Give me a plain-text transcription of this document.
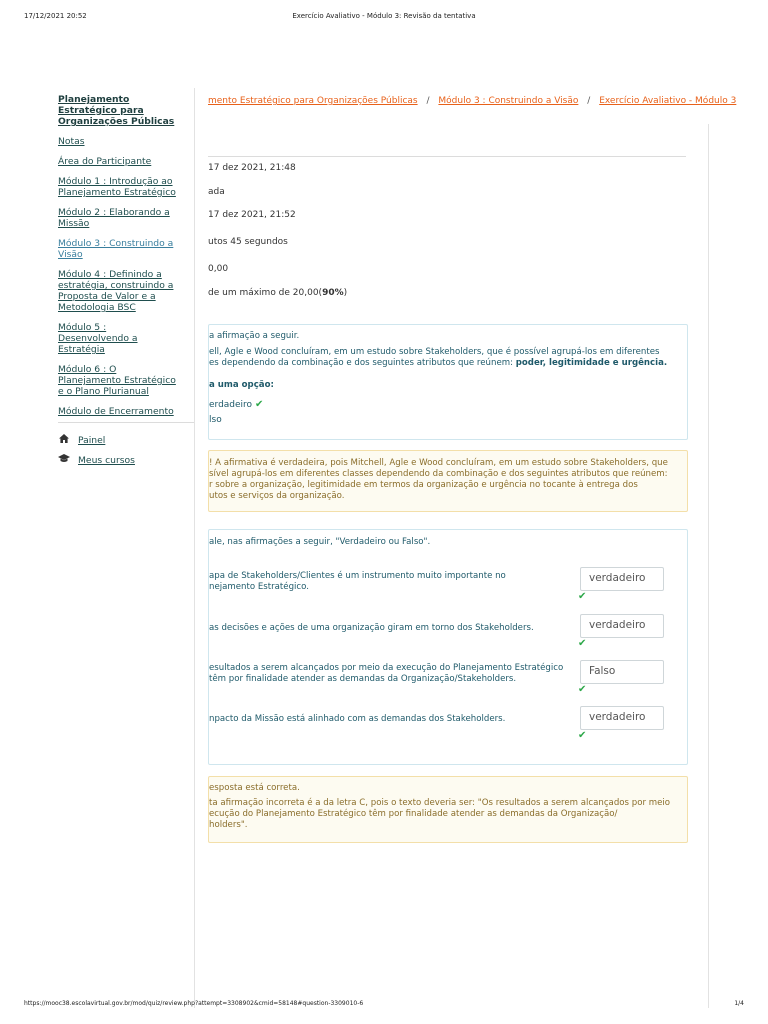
17/12/2021 20:52	Exercício Avaliativo - Módulo 3: Revisão da tentativa
Planejamento Estratégico para Organizações Públicas
Notas
Área do Participante
Módulo 1 : Introdução ao Planejamento Estratégico
Módulo 2 : Elaborando a Missão
Módulo 3 : Construindo a Visão
Módulo 4 : Definindo a estratégia, construindo a Proposta de Valor e a Metodologia BSC
Módulo 5 : Desenvolvendo a Estratégia
Módulo 6 : O Planejamento Estratégico e o Plano Plurianual
Módulo de Encerramento
Painel
Meus cursos
mento Estratégico para Organizações Públicas / Módulo 3 : Construindo a Visão / Exercício Avaliativo - Módulo 3
17 dez 2021, 21:48
ada
17 dez 2021, 21:52
utos 45 segundos
0,00
de um máximo de 20,00(90%)
a afirmação a seguir.
ell, Agle e Wood concluíram, em um estudo sobre Stakeholders, que é possível agrupá-los em diferentes
es dependendo da combinação e dos seguintes atributos que reúnem: poder, legitimidade e urgência.
a uma opção:
erdadeiro ✔
lso
! A afirmativa é verdadeira, pois Mitchell, Agle e Wood concluíram, em um estudo sobre Stakeholders, que
sível agrupá-los em diferentes classes dependendo da combinação e dos seguintes atributos que reúnem:
r sobre a organização, legitimidade em termos da organização e urgência no tocante à entrega dos
utos e serviços da organização.
ale, nas afirmações a seguir, "Verdadeiro ou Falso".
apa de Stakeholders/Clientes é um instrumento muito importante no
nejamento Estratégico.
verdadeiro
✔
as decisões e ações de uma organização giram em torno dos Stakeholders.	verdadeiro
✔
esultados a serem alcançados por meio da execução do Planejamento Estratégico
têm por finalidade atender as demandas da Organização/Stakeholders.
Falso
✔
npacto da Missão está alinhado com as demandas dos Stakeholders.	verdadeiro
✔
esposta está correta.
ta afirmação incorreta é a da letra C, pois o texto deveria ser: "Os resultados a serem alcançados por meio
ecução do Planejamento Estratégico têm por finalidade atender as demandas da Organização/
holders".
https://mooc38.escolavirtual.gov.br/mod/quiz/review.php?attempt=3308902&cmid=58148#question-3309010-6	1/4
